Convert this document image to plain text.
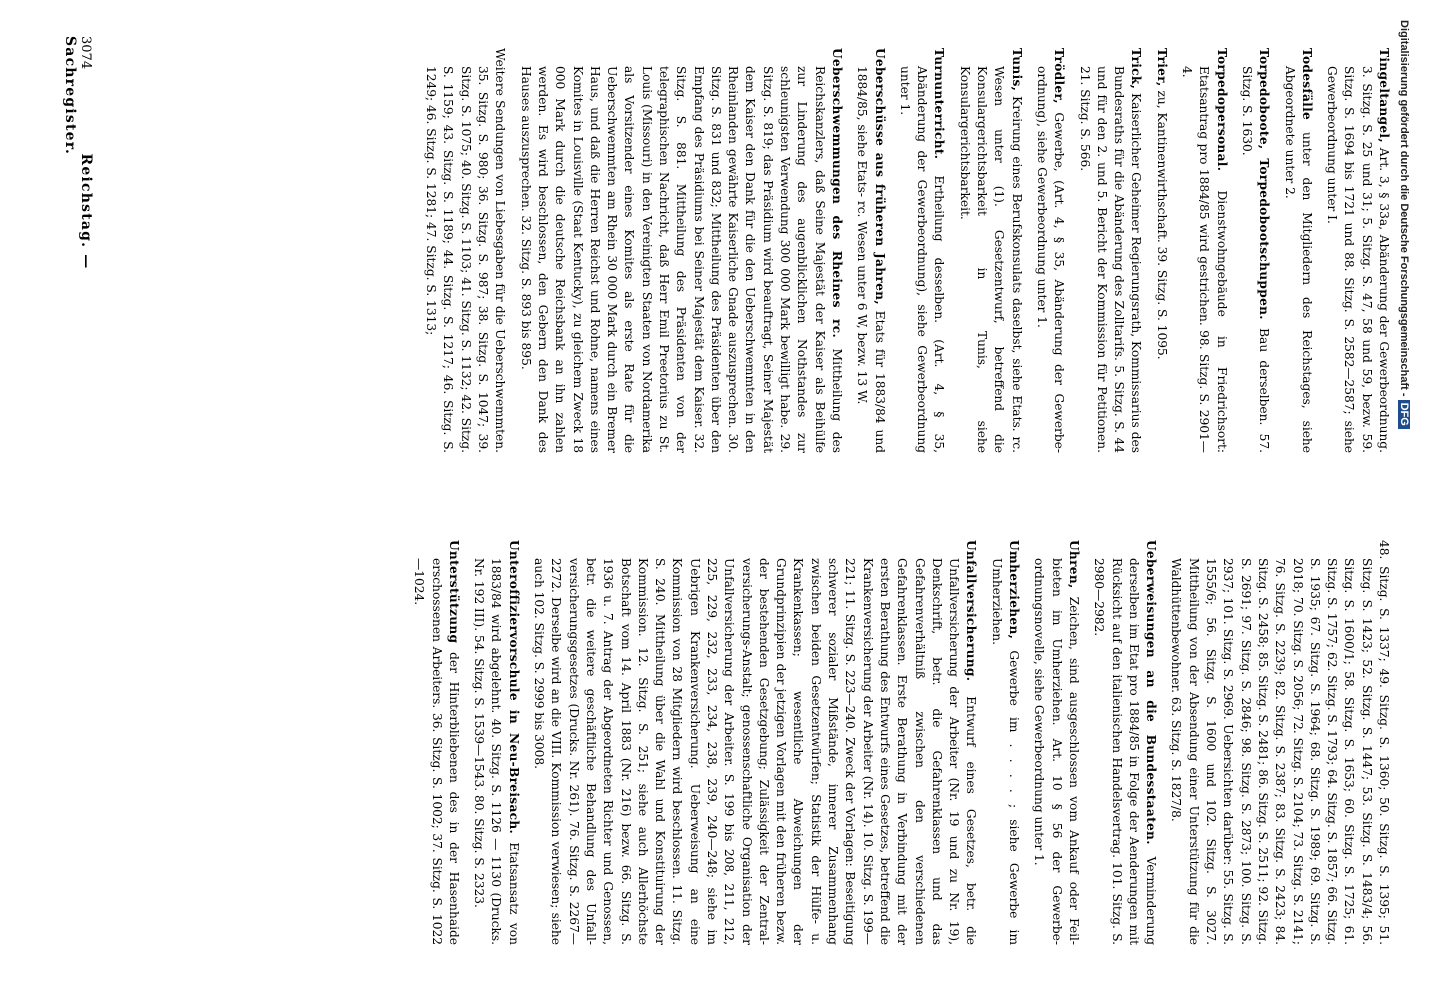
3074 Reichstag. — Sachregister.	Tingeltangel, Art. 3, § 33a, Abänderung der Gewerbeordnung. 3. Sitzg. S. 25 und 31; 5. Sitzg. S. 47, 58 und 59, bezw. 59. Sitzg. S. 1694 bis 1721 und 88. Sitzg. S. 2582—2587; siehe Gewerbeordnung unter I.
Todesfälle unter den Mitgliedern des Reichstages, siehe Abgeordnete unter 2.
Torpedoboote, Torpedobootschuppen. Bau derselben. 57. Sitzg. S. 1630.
Torpedopersonal. Dienstwohngebäude in Friedrichsort: Etatsantrag pro 1884/85 wird gestrichen. 98. Sitzg. S. 2901—4.
Trier, zu, Kantinenwirthschaft. 39. Sitzg. S. 1095.
Trick, Kaiserlicher Geheimer Regierungsrath, Kommissarius des Bundesraths für die Abänderung des Zolltarifs. 5. Sitzg. S. 44 und für den 2. und 5. Bericht der Kommission für Petitionen. 21. Sitzg. S. 566.
Trödler, Gewerbe, (Art. 4, § 35, Abänderung der Gewerbeordnung), siehe Gewerbeordnung unter 1.
Tunis, Kreirung eines Berufskonsulats daselbst, siehe Etats. rc. Wesen unter (1). Gesetzentwurf, betreffend die Konsulargerichtsbarkeit in Tunis, siehe Konsulargerichtsbarkeit.
Turnunterricht. Ertheilung desselben. (Art. 4, § 35, Abänderung der Gewerbeordnung), siehe Gewerbeordnung unter 1.
Ueberschüsse aus früheren Jahren, Etats für 1883/84 und 1884/85, siehe Etats- rc. Wesen unter 6 W, bezw. 13 W.
Ueberschwemmungen des Rheines rc. Mittheilung des Reichskanzlers, daß Seine Majestät der Kaiser als Beihülfe zur Linderung des augenblicklichen Nothstandes zur schleunigsten Verwendung 300 000 Mark bewilligt habe. 29. Sitzg. S. 819; das Präsidium wird beauftragt, Seiner Majestät dem Kaiser den Dank für die den Ueberschwemmten in den Rheinlanden gewährte Kaiserliche Gnade auszusprechen. 30. Sitzg. S. 831 und 832; Mittheilung des Präsidenten über den Empfang des Präsidiums bei Seiner Majestät dem Kaiser. 32. Sitzg. S. 881. Mittheilung des Präsidenten von der telegraphischen Nachricht, daß Herr Emil Preetorius zu St. Louis (Missouri) in den Vereinigten Staaten von Nordamerika als Vorsitzender eines Komites als erste Rate für die Ueberschwemmten am Rhein 30 000 Mark durch ein Bremer Haus, und daß die Herren Reichst und Rohne, namens eines Komites in Louisville (Staat Kentucky), zu gleichem Zweck 18 000 Mark durch die deutsche Reichsbank an ihn zahlen werden. Es wird beschlossen, den Gebern den Dank des Hauses auszusprechen. 32. Sitzg. S. 893 bis 895.
Weitere Sendungen von Liebesgaben für die Ueberschwemmten. 35. Sitzg. S. 980; 36. Sitzg. S. 987; 38. Sitzg. S. 1047; 39. Sitzg. S. 1075; 40. Sitzg. S. 1103; 41. Sitzg. S. 1132; 42. Sitzg. S. 1159; 43. Sitzg. S. 1189; 44. Sitzg. S. 1217; 46. Sitzg. S. 1249; 46. Sitzg. S. 1281; 47. Sitzg. S. 1313;
48. Sitzg. S. 1337; 49. Sitzg. S. 1360; 50. Sitzg. S. 1395; 51. Sitzg. S. 1423; 52. Sitzg. S. 1447; 53. Sitzg. S. 1483/4; 56. Sitzg. S. 1600/1; 58. Sitzg. S. 1653; 60. Sitzg. S. 1725; 61. Sitzg. S. 1757; 62. Sitzg. S. 1793; 64. Sitzg. S. 1857; 66. Sitzg. S. 1935; 67. Sitzg. S. 1964; 68. Sitzg. S. 1989; 69. Sitzg. S. 2018; 70. Sitzg. S. 2056; 72. Sitzg. S. 2104; 73. Sitzg. S. 2141; 76. Sitzg. S. 2239; 82. Sitzg. S. 2387; 83. Sitzg. S. 2423; 84. Sitzg. S. 2458; 85. Sitzg. S. 2481; 86. Sitzg. S. 2511; 92. Sitzg. S. 2691; 97. Sitzg. S. 2846; 98. Sitzg. S. 2873; 100. Sitzg. S. 2937; 101. Sitzg. S. 2969. Uebersichten darüber: 55. Sitzg. S. 1555/6; 56. Sitzg. S. 1600 und 102. Sitzg. S. 3027. Mittheilung von der Absendung einer Unterstützung für die Waldhüttenbewohner. 63. Sitzg. S. 1827/8.
Ueberweisungen an die Bundesstaaten. Verminderung derselben im Etat pro 1884/85 in Folge der Aenderungen mit Rücksicht auf den italienischen Handelsvertrag. 101. Sitzg. S. 2980—2982.
Uhren, Zeichen, sind ausgeschlossen vom Ankauf oder Feilbieten im Umherziehen. Art. 10 § 56 der Gewerbeordnungsnovelle, siehe Gewerbeordnung unter 1.
Umherziehen, Gewerbe im . . . . ; siehe Gewerbe im Umherziehen.
Unfallversicherung. Entwurf eines Gesetzes, betr. die Unfallversicherung der Arbeiter (Nr. 19 und zu Nr. 19), Denkschrift, betr. die Gefahrenklassen und das Gefahrenverhältniß zwischen den verschiedenen Gefahrenklassen. Erste Berathung in Verbindung mit der ersten Berathung des Entwurfs eines Gesetzes, betreffend die Krankenversicherung der Arbeiter (Nr. 14). 10. Sitzg. S. 199—221; 11. Sitzg. S. 223—240. Zweck der Vorlagen: Beseitigung schwerer sozialer Mißstände, innerer Zusammenhang zwischen beiden Gesetzentwürfen; Statistik der Hülfe- u. Krankenkassen; wesentliche Abweichungen der Grundprinzipien der jetzigen Vorlagen mit den früheren bezw. der bestehenden Gesetzgebung; Zulässigkeit der Zentralversicherungs-Anstalt; genossenschaftliche Organisation der Unfallversicherung der Arbeiter. S. 199 bis 208, 211, 212, 225, 229, 232, 233, 234, 238, 239, 240—248; siehe im Uebrigen Krankenversicherung. Ueberweisung an eine Kommission von 28 Mitgliedern wird beschlossen. 11. Sitzg. S. 240. Mittheilung über die Wahl und Konstituirung der Kommission. 12. Sitzg. S. 251; siehe auch Allerhöchste Botschaft vom 14. April 1883 (Nr. 216) bezw. 66. Sitzg. S. 1936 u. 7. Antrag der Abgeordneten Richter und Genossen, betr. die weitere geschäftliche Behandlung des Unfallversicherungsgesetzes (Drucks. Nr. 261). 76. Sitzg. S. 2267—2272. Derselbe wird an die VIII. Kommission verwiesen; siehe auch 102. Sitzg. S. 2999 bis 3008.
Unteroffiziervorschule in Neu-Breisach. Etatsansatz von 1883/84 wird abgelehnt. 40. Sitzg. S. 1126 — 1130 (Drucks. Nr. 192 III). 54. Sitzg. S. 1539—1543. 80. Sitzg. S. 2323.
Unterstützung der Hinterbliebenen des in der Hasenhaide erschossenen Arbeiters. 36. Sitzg. S. 1002; 37. Sitzg. S. 1022—1024.
Digitalisierung gefördert durch die Deutsche Forschungsgemeinschaft - DFG
